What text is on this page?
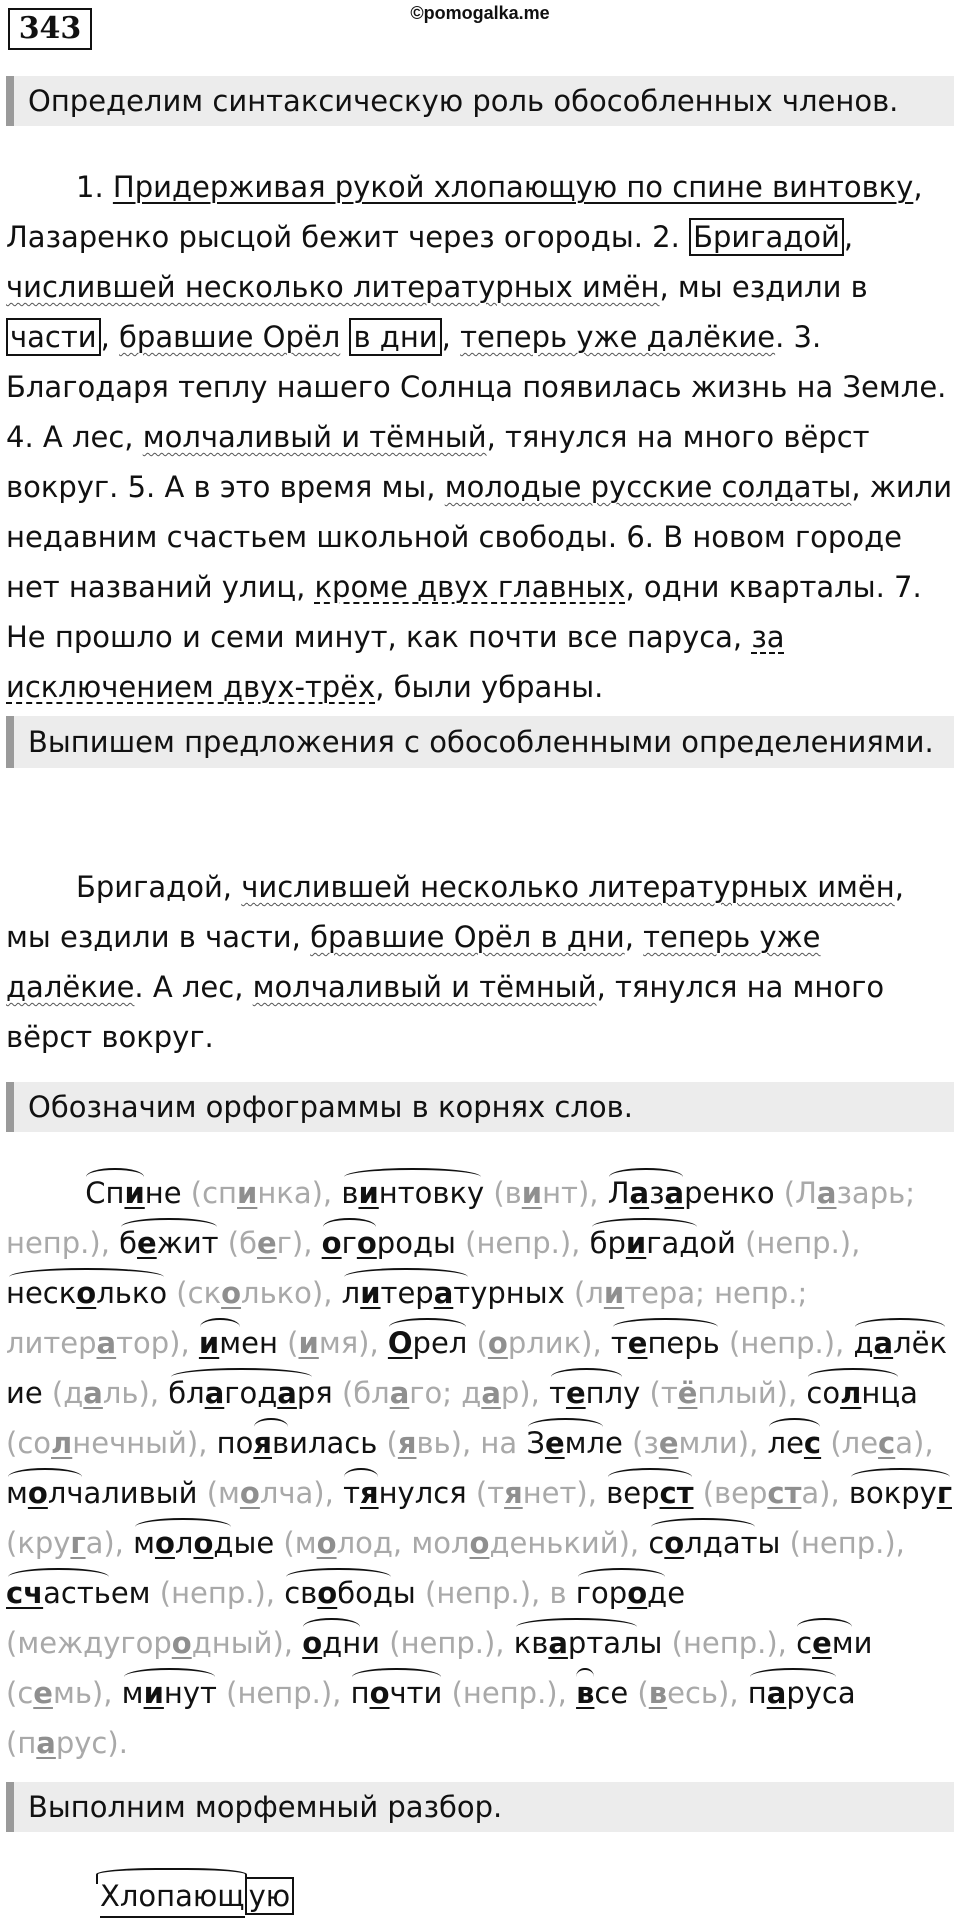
343	©pomogalka.me
Определим синтаксическую роль обособленных членов.
1. Придерживая рукой хлопающую по спине винтовку, Лазаренко рысцой бежит через огороды. 2. Бригадой , числившей несколько литературных имён, мы ездили в части , бравшие Орёл в дни , теперь уже далёкие. 3. Благодаря теплу нашего Солнца появилась жизнь на Земле. 4. А лес, молчаливый и тёмный, тянулся на много вёрст вокруг. 5. А в это время мы, молодые русские солдаты, жили недавним счастьем школьной свободы. 6. В новом городе нет названий улиц, кроме двух главных, одни кварталы. 7. Не прошло и семи минут, как почти все паруса, за исключением двух-трёх, были убраны.
Выпишем предложения с обособленными определениями.
Бригадой, числившей несколько литературных имён, мы ездили в части, бравшие Орёл в дни, теперь уже далёкие. А лес, молчаливый и тёмный, тянулся на много вёрст вокруг.
Обозначим орфограммы в корнях слов.
Спине (спинка), винтовку (винт), Лазаренко (Лазарь; непр.), бежит (бег), огороды (непр.), бригадой (непр.), несколько (сколько), литературных (литера; непр.; литератор), имен (имя), Орел (орлик), теперь (непр.), далёкие (даль), благодаря (благо; дар), теплу (тёплый), солнца (солнечный), появилась (явь), на Земле (земли), лес (леса), молчаливый (молча), тянулся (тянет), верст (верста), вокруг (круга), молодые (молод, молоденький), солдаты (непр.), счастьем (непр.), свободы (непр.), в городе (междугородный), одни (непр.), кварталы (непр.), семи (семь), минут (непр.), почти (непр.), все (весь), паруса (парус).
Выполним морфемный разбор.
Хлопающ ую
